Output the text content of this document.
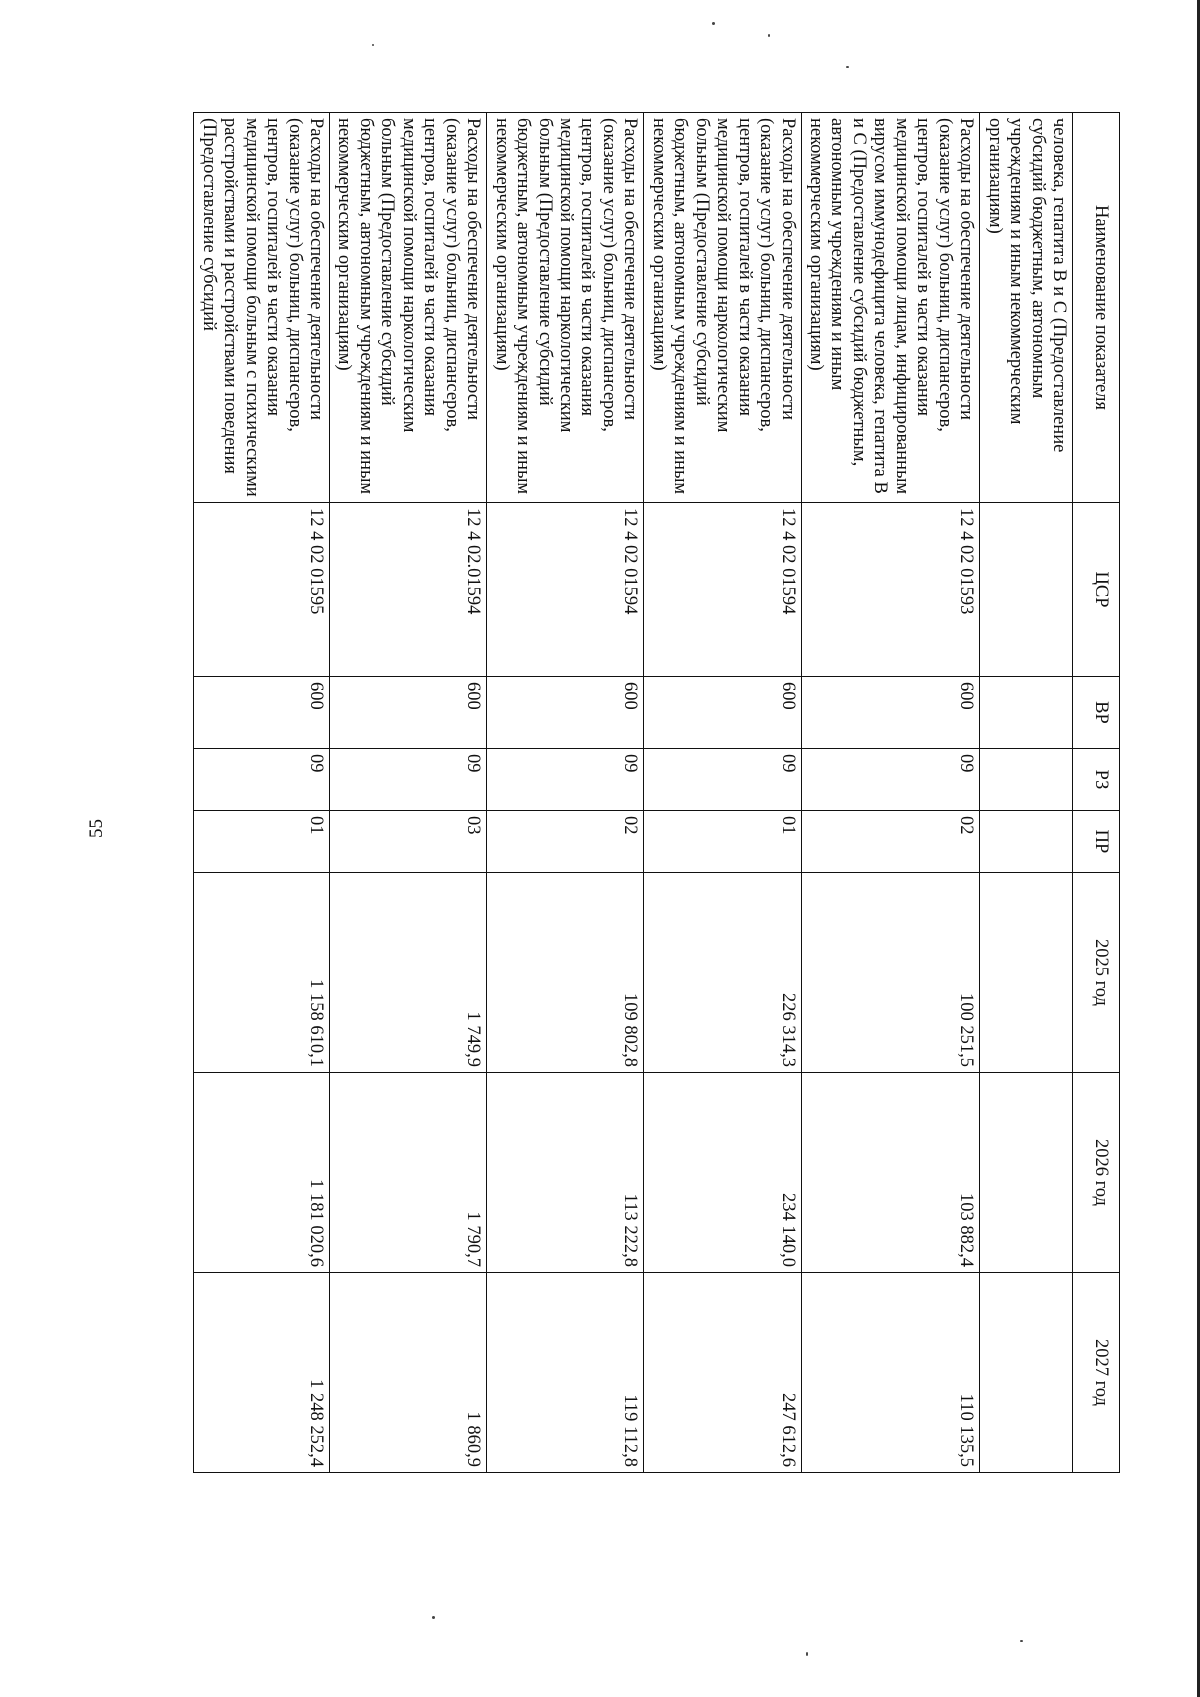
55
Наименование показателя	ЦСР	ВР	РЗ	ПР	2025 год	2026 год	2027 год
человека, гепатита В и С (Предоставление субсидий бюджетным, автономным учреждениям и иным некоммерческим организациям)							
Расходы на обеспечение деятельности (оказание услуг) больниц, диспансеров, центров, госпиталей в части оказания медицинской помощи лицам, инфицированным вирусом иммунодефицита человека, гепатита В и С (Предоставление субсидий бюджетным, автономным учреждениям и иным некоммерческим организациям)	12 4 02 01593	600	09	02	100 251,5	103 882,4	110 135,5
Расходы на обеспечение деятельности (оказание услуг) больниц, диспансеров, центров, госпиталей в части оказания медицинской помощи наркологическим больным (Предоставление субсидий бюджетным, автономным учреждениям и иным некоммерческим организациям)	12 4 02 01594	600	09	01	226 314,3	234 140,0	247 612,6
Расходы на обеспечение деятельности (оказание услуг) больниц, диспансеров, центров, госпиталей в части оказания медицинской помощи наркологическим больным (Предоставление субсидий бюджетным, автономным учреждениям и иным некоммерческим организациям)	12 4 02 01594	600	09	02	109 802,8	113 222,8	119 112,8
Расходы на обеспечение деятельности (оказание услуг) больниц, диспансеров, центров, госпиталей в части оказания медицинской помощи наркологическим больным (Предоставление субсидий бюджетным, автономным учреждениям и иным некоммерческим организациям)	12 4 02.01594	600	09	03	1 749,9	1 790,7	1 860,9
Расходы на обеспечение деятельности (оказание услуг) больниц, диспансеров, центров, госпиталей в части оказания медицинской помощи больным с психическими расстройствами и расстройствами поведения (Предоставление субсидий	12 4 02 01595	600	09	01	1 158 610,1	1 181 020,6	1 248 252,4
